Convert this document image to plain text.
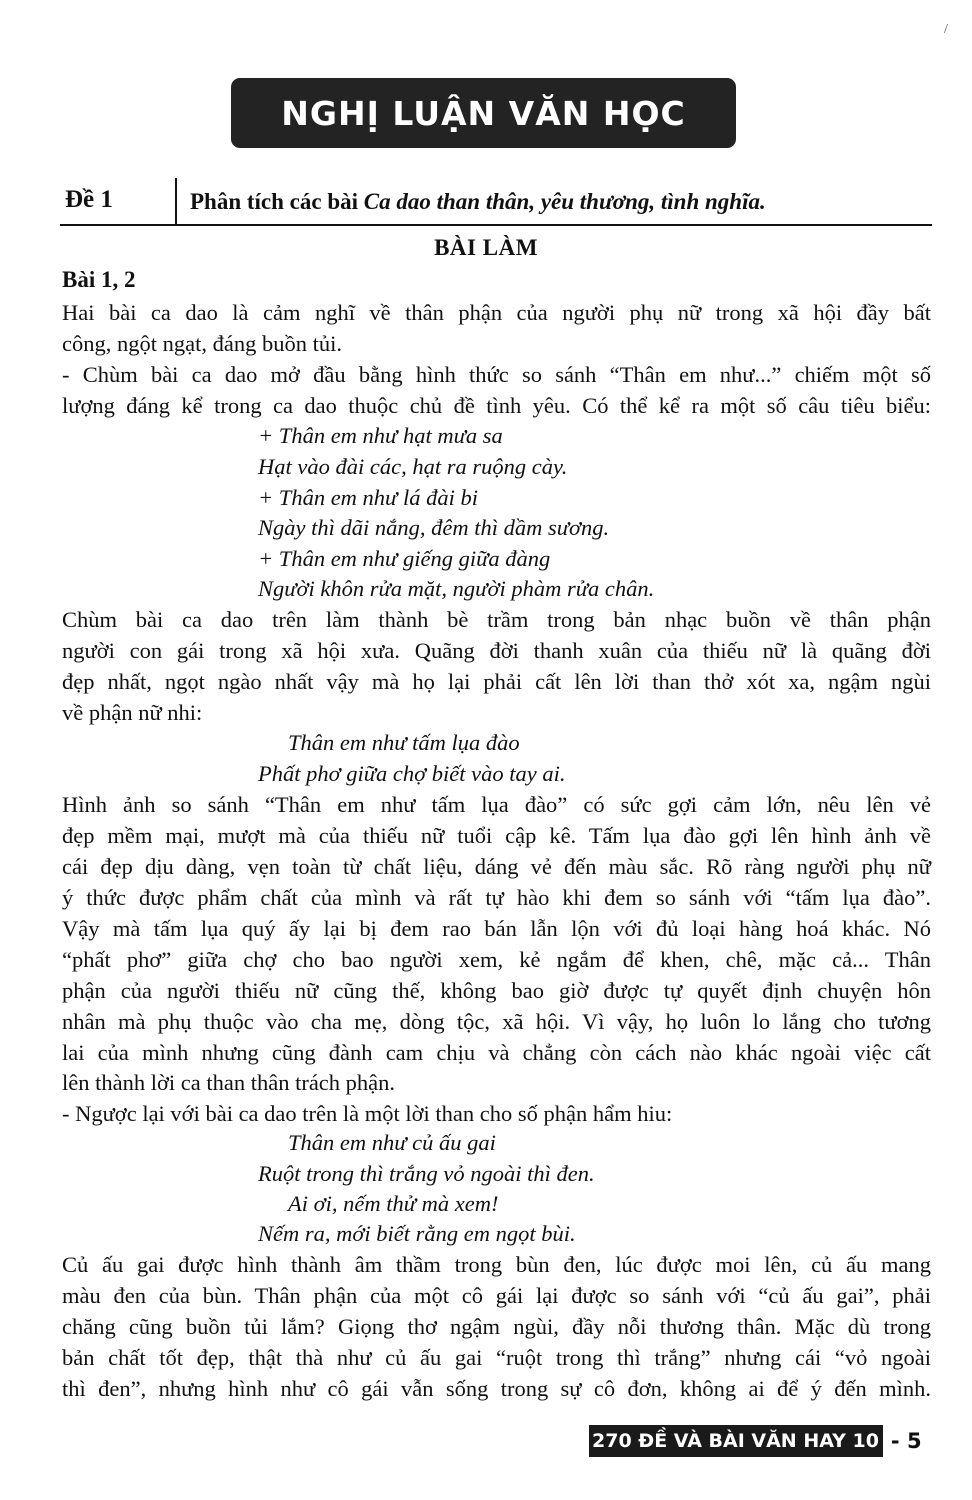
/
NGHỊ LUẬN VĂN HỌC
Đề 1	Phân tích các bài Ca dao than thân, yêu thương, tình nghĩa.
BÀI LÀM
Bài 1, 2
Hai bài ca dao là cảm nghĩ về thân phận của người phụ nữ trong xã hội đầy bất
công, ngột ngạt, đáng buồn tủi.
- Chùm bài ca dao mở đầu bằng hình thức so sánh “Thân em như...” chiếm một số
lượng đáng kể trong ca dao thuộc chủ đề tình yêu. Có thể kể ra một số câu tiêu biểu:
+ Thân em như hạt mưa sa
Hạt vào đài các, hạt ra ruộng cày.
+ Thân em như lá đài bi
Ngày thì dãi nắng, đêm thì dầm sương.
+ Thân em như giếng giữa đàng
Người khôn rửa mặt, người phàm rửa chân.
Chùm bài ca dao trên làm thành bè trầm trong bản nhạc buồn về thân phận
người con gái trong xã hội xưa. Quãng đời thanh xuân của thiếu nữ là quãng đời
đẹp nhất, ngọt ngào nhất vậy mà họ lại phải cất lên lời than thở xót xa, ngậm ngùi
về phận nữ nhi:
Thân em như tấm lụa đào
Phất phơ giữa chợ biết vào tay ai.
Hình ảnh so sánh “Thân em như tấm lụa đào” có sức gợi cảm lớn, nêu lên vẻ
đẹp mềm mại, mượt mà của thiếu nữ tuổi cập kê. Tấm lụa đào gợi lên hình ảnh về
cái đẹp dịu dàng, vẹn toàn từ chất liệu, dáng vẻ đến màu sắc. Rõ ràng người phụ nữ
ý thức được phẩm chất của mình và rất tự hào khi đem so sánh với “tấm lụa đào”.
Vậy mà tấm lụa quý ấy lại bị đem rao bán lẫn lộn với đủ loại hàng hoá khác. Nó
“phất phơ” giữa chợ cho bao người xem, kẻ ngắm để khen, chê, mặc cả... Thân
phận của người thiếu nữ cũng thế, không bao giờ được tự quyết định chuyện hôn
nhân mà phụ thuộc vào cha mẹ, dòng tộc, xã hội. Vì vậy, họ luôn lo lắng cho tương
lai của mình nhưng cũng đành cam chịu và chẳng còn cách nào khác ngoài việc cất
lên thành lời ca than thân trách phận.
- Ngược lại với bài ca dao trên là một lời than cho số phận hẩm hiu:
Thân em như củ ấu gai
Ruột trong thì trắng vỏ ngoài thì đen.
Ai ơi, nếm thử mà xem!
Nếm ra, mới biết rằng em ngọt bùi.
Củ ấu gai được hình thành âm thầm trong bùn đen, lúc được moi lên, củ ấu mang
màu đen của bùn. Thân phận của một cô gái lại được so sánh với “củ ấu gai”, phải
chăng cũng buồn tủi lắm? Giọng thơ ngậm ngùi, đầy nỗi thương thân. Mặc dù trong
bản chất tốt đẹp, thật thà như củ ấu gai “ruột trong thì trắng” nhưng cái “vỏ ngoài
thì đen”, nhưng hình như cô gái vẫn sống trong sự cô đơn, không ai để ý đến mình.
270 ĐỀ VÀ BÀI VĂN HAY 10 - 5
